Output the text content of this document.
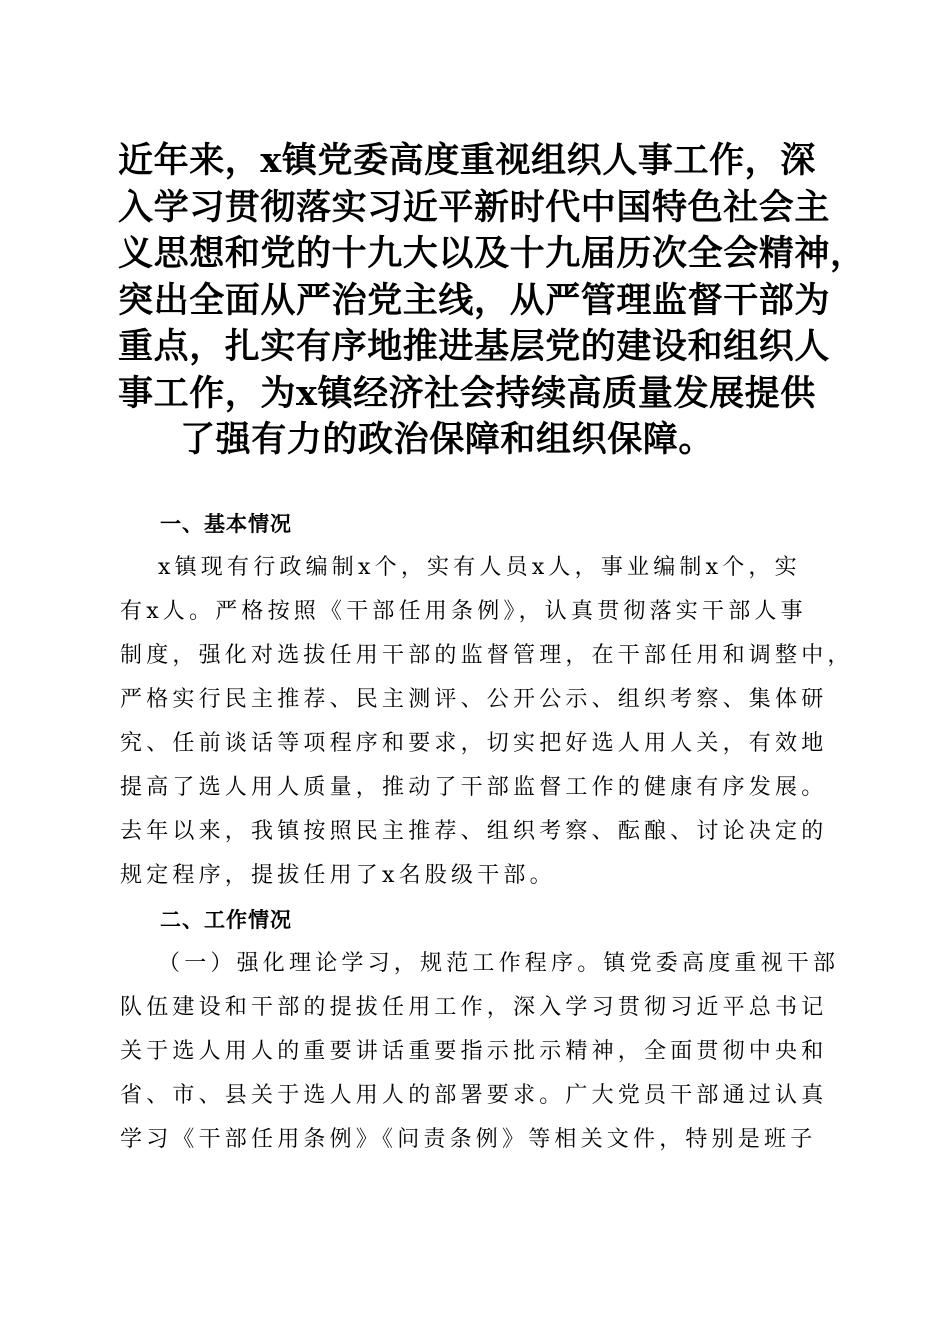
近年来，x镇党委高度重视组织人事工作，深
入学习贯彻落实习近平新时代中国特色社会主
义思想和党的十九大以及十九届历次全会精神，
突出全面从严治党主线，从严管理监督干部为
重点，扎实有序地推进基层党的建设和组织人
事工作，为x镇经济社会持续高质量发展提供
了强有力的政治保障和组织保障。
一、基本情况
x镇现有行政编制x个，实有人员x人，事业编制x个，实
有x人。严格按照《干部任用条例》，认真贯彻落实干部人事
制度，强化对选拔任用干部的监督管理，在干部任用和调整中，
严格实行民主推荐、民主测评、公开公示、组织考察、集体研
究、任前谈话等项程序和要求，切实把好选人用人关，有效地
提高了选人用人质量，推动了干部监督工作的健康有序发展。
去年以来，我镇按照民主推荐、组织考察、酝酿、讨论决定的
规定程序，提拔任用了x名股级干部。
二、工作情况
（一）强化理论学习，规范工作程序。镇党委高度重视干部
队伍建设和干部的提拔任用工作，深入学习贯彻习近平总书记
关于选人用人的重要讲话重要指示批示精神，全面贯彻中央和
省、市、县关于选人用人的部署要求。广大党员干部通过认真
学习《干部任用条例》《问责条例》等相关文件，特别是班子
